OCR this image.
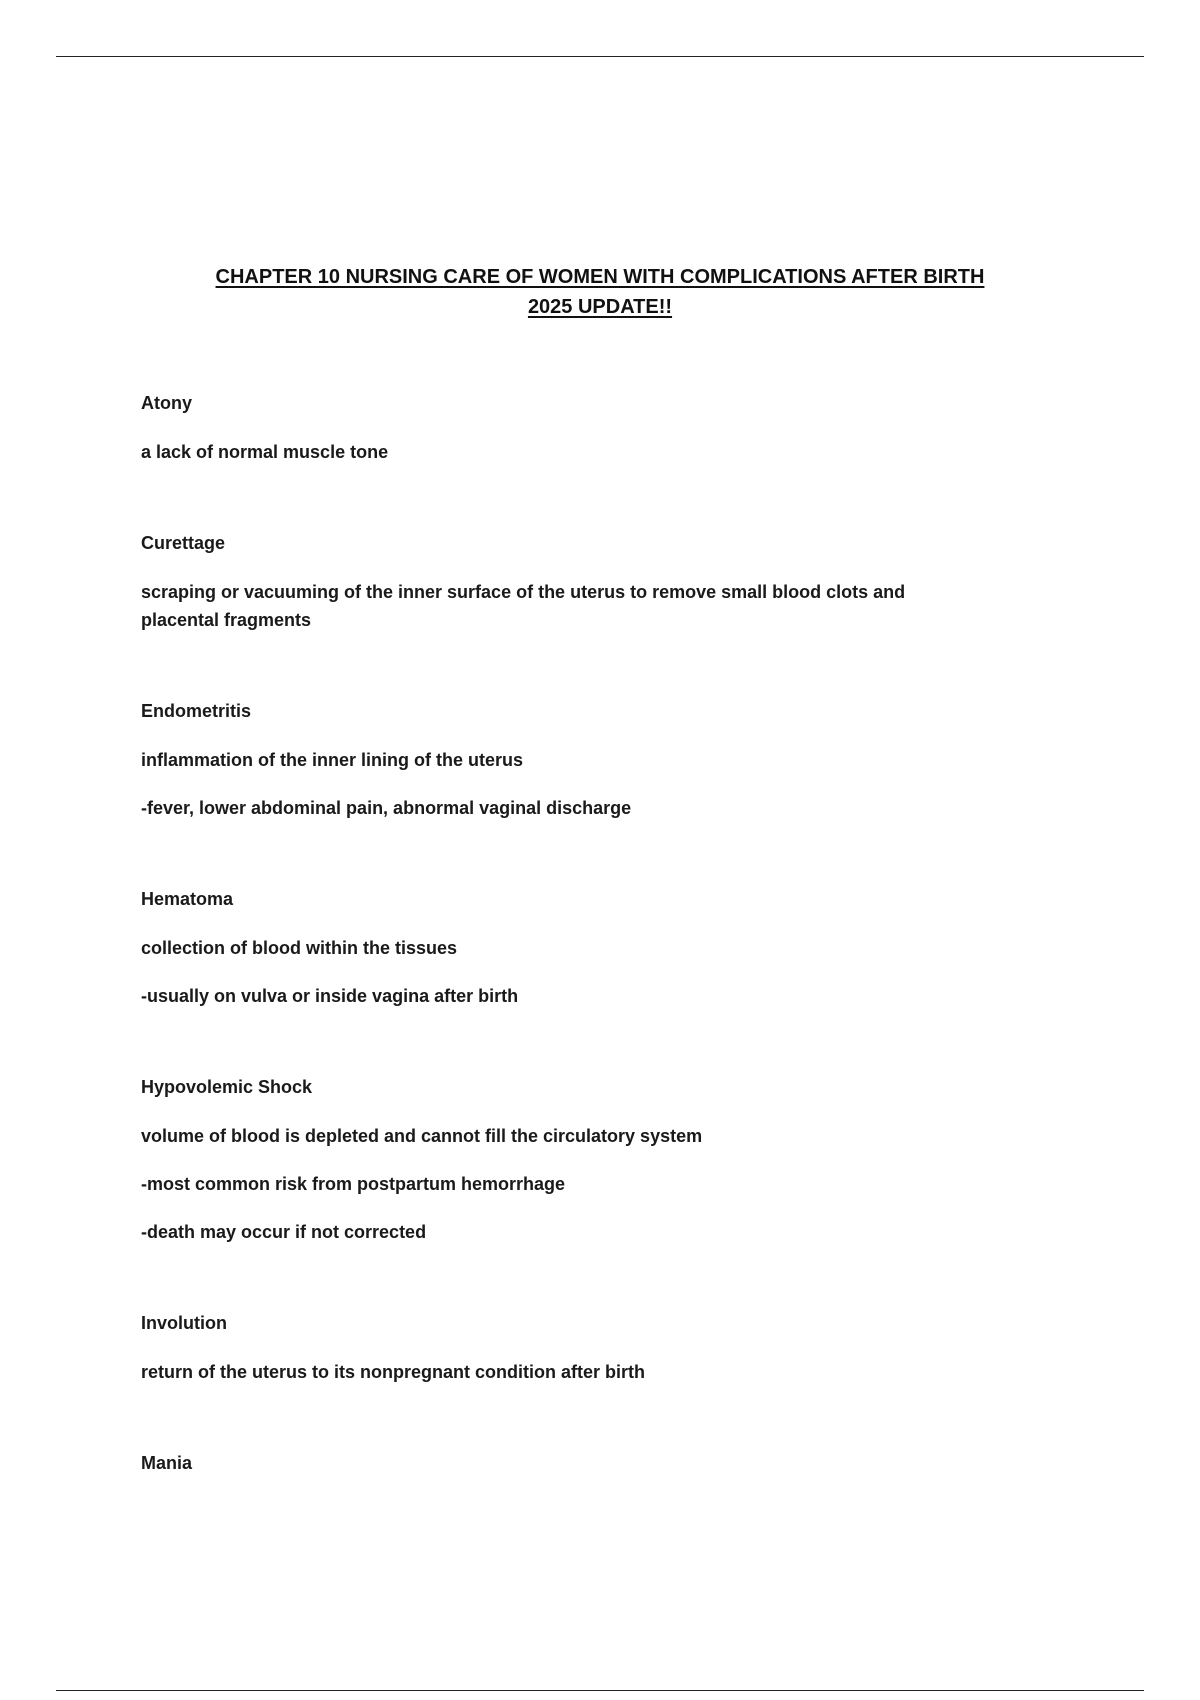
CHAPTER 10 NURSING CARE OF WOMEN WITH COMPLICATIONS AFTER BIRTH
2025 UPDATE!!
Atony
a lack of normal muscle tone
Curettage
scraping or vacuuming of the inner surface of the uterus to remove small blood clots and placental fragments
Endometritis
inflammation of the inner lining of the uterus
-fever, lower abdominal pain, abnormal vaginal discharge
Hematoma
collection of blood within the tissues
-usually on vulva or inside vagina after birth
Hypovolemic Shock
volume of blood is depleted and cannot fill the circulatory system
-most common risk from postpartum hemorrhage
-death may occur if not corrected
Involution
return of the uterus to its nonpregnant condition after birth
Mania
